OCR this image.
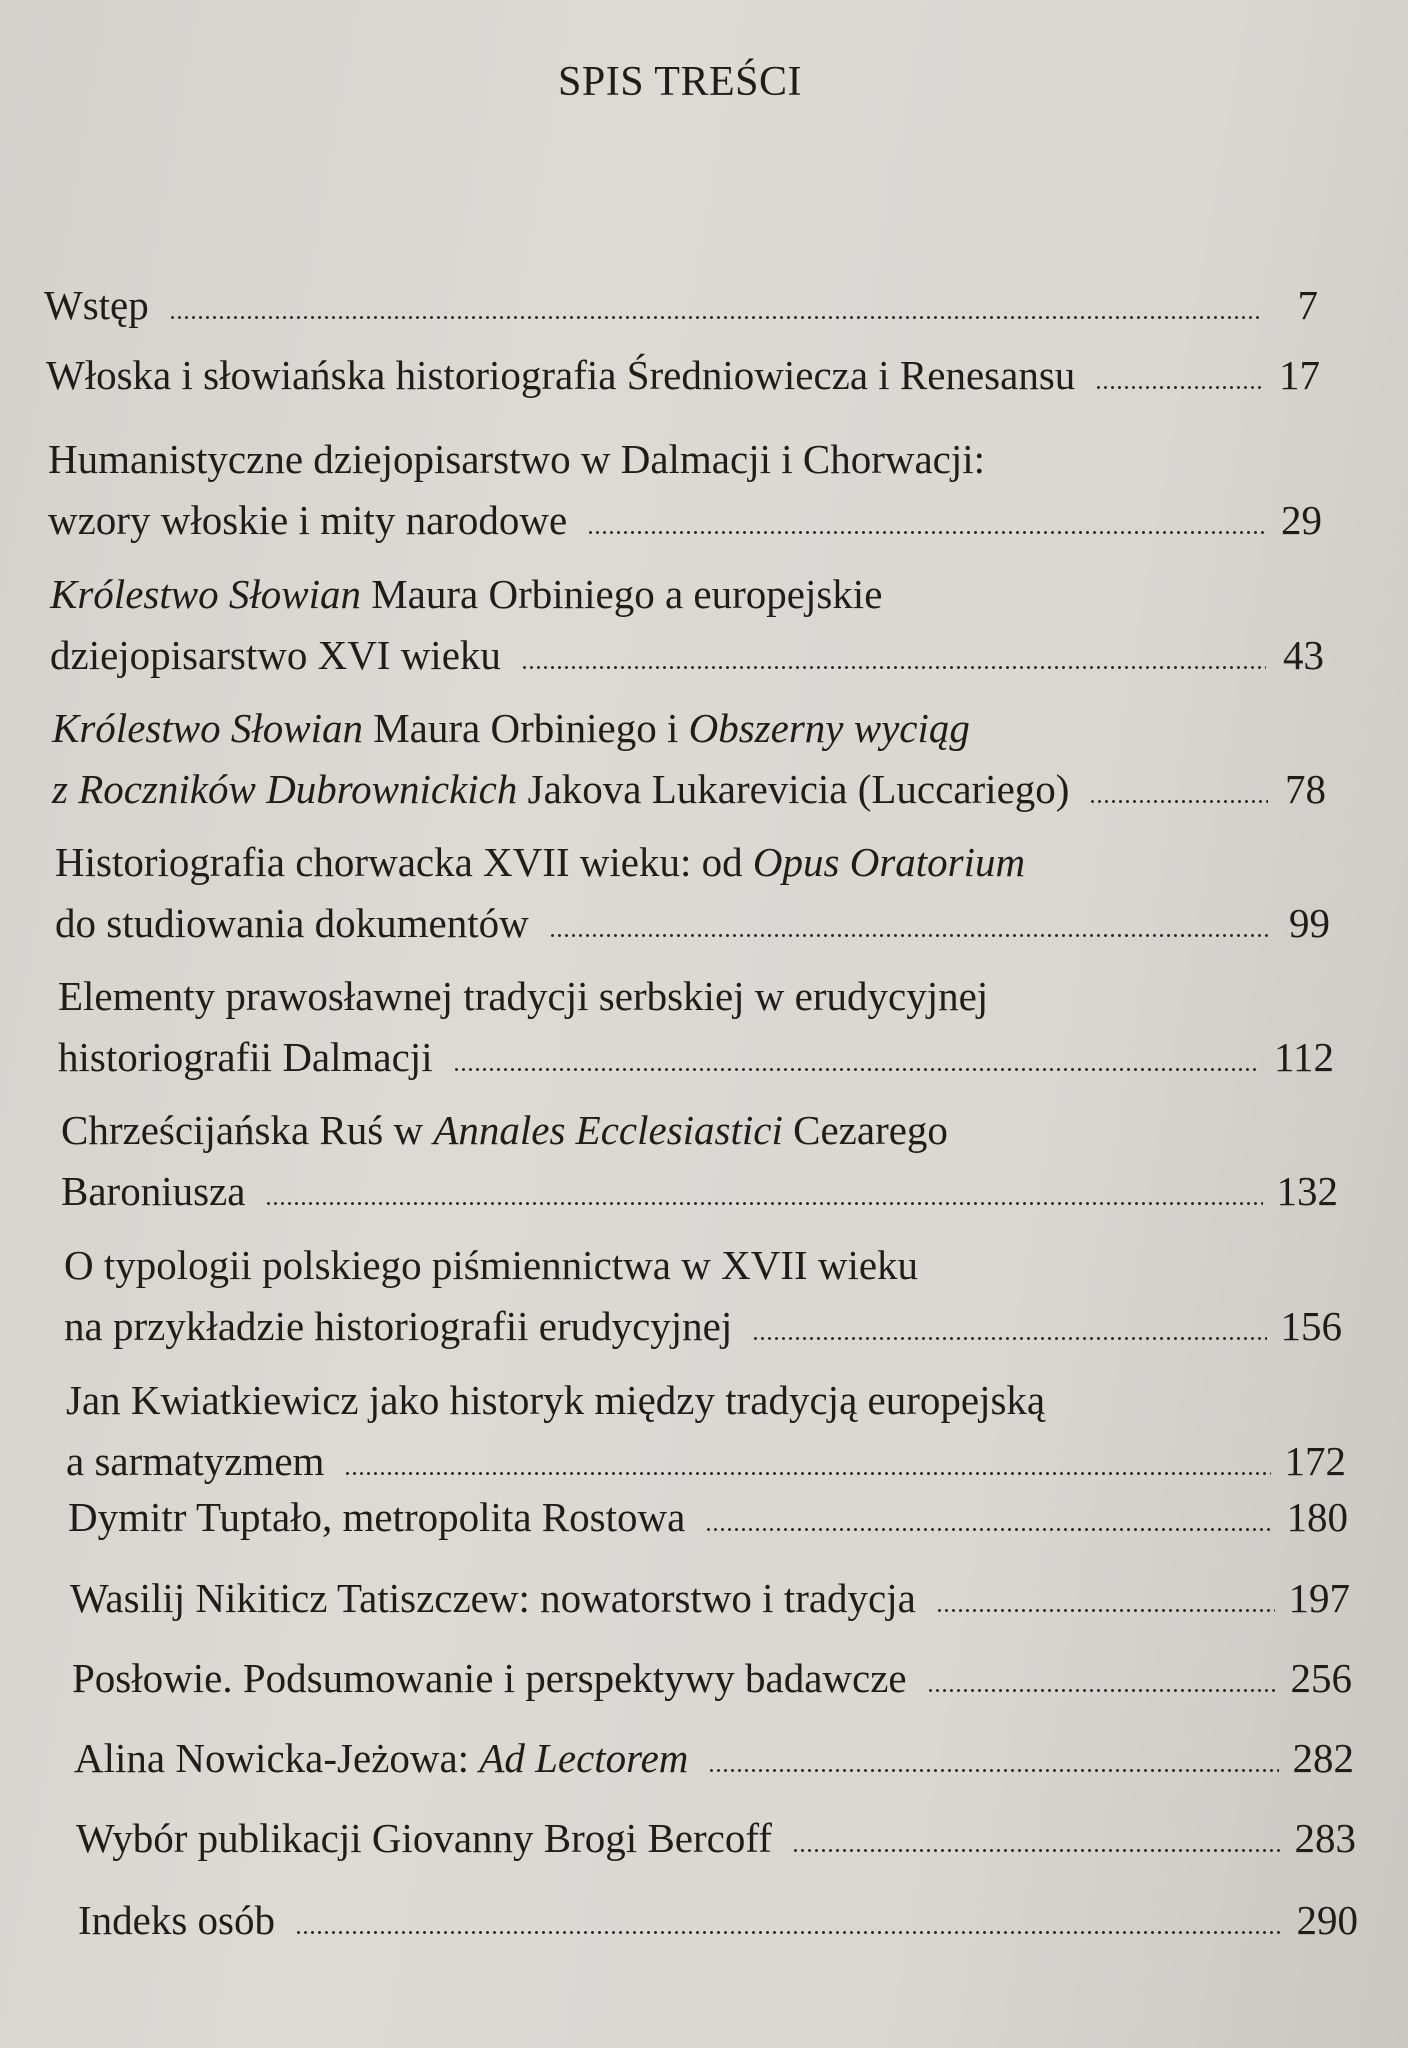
SPIS TREŚCI
Wstęp	7
Włoska i słowiańska historiografia Średniowiecza i Renesansu	17
Humanistyczne dziejopisarstwo w Dalmacji i Chorwacji:
wzory włoskie i mity narodowe	29
Królestwo Słowian Maura Orbiniego a europejskie
dziejopisarstwo XVI wieku	43
Królestwo Słowian Maura Orbiniego i Obszerny wyciąg
z Roczników Dubrownickich Jakova Lukarevicia (Luccariego)	78
Historiografia chorwacka XVII wieku: od Opus Oratorium
do studiowania dokumentów	99
Elementy prawosławnej tradycji serbskiej w erudycyjnej
historiografii Dalmacji	112
Chrześcijańska Ruś w Annales Ecclesiastici Cezarego
Baroniusza	132
O typologii polskiego piśmiennictwa w XVII wieku
na przykładzie historiografii erudycyjnej	156
Jan Kwiatkiewicz jako historyk między tradycją europejską
a sarmatyzmem	172
Dymitr Tuptało, metropolita Rostowa	180
Wasilij Nikiticz Tatiszczew: nowatorstwo i tradycja	197
Posłowie. Podsumowanie i perspektywy badawcze	256
Alina Nowicka-Jeżowa: Ad Lectorem	282
Wybór publikacji Giovanny Brogi Bercoff	283
Indeks osób	290
